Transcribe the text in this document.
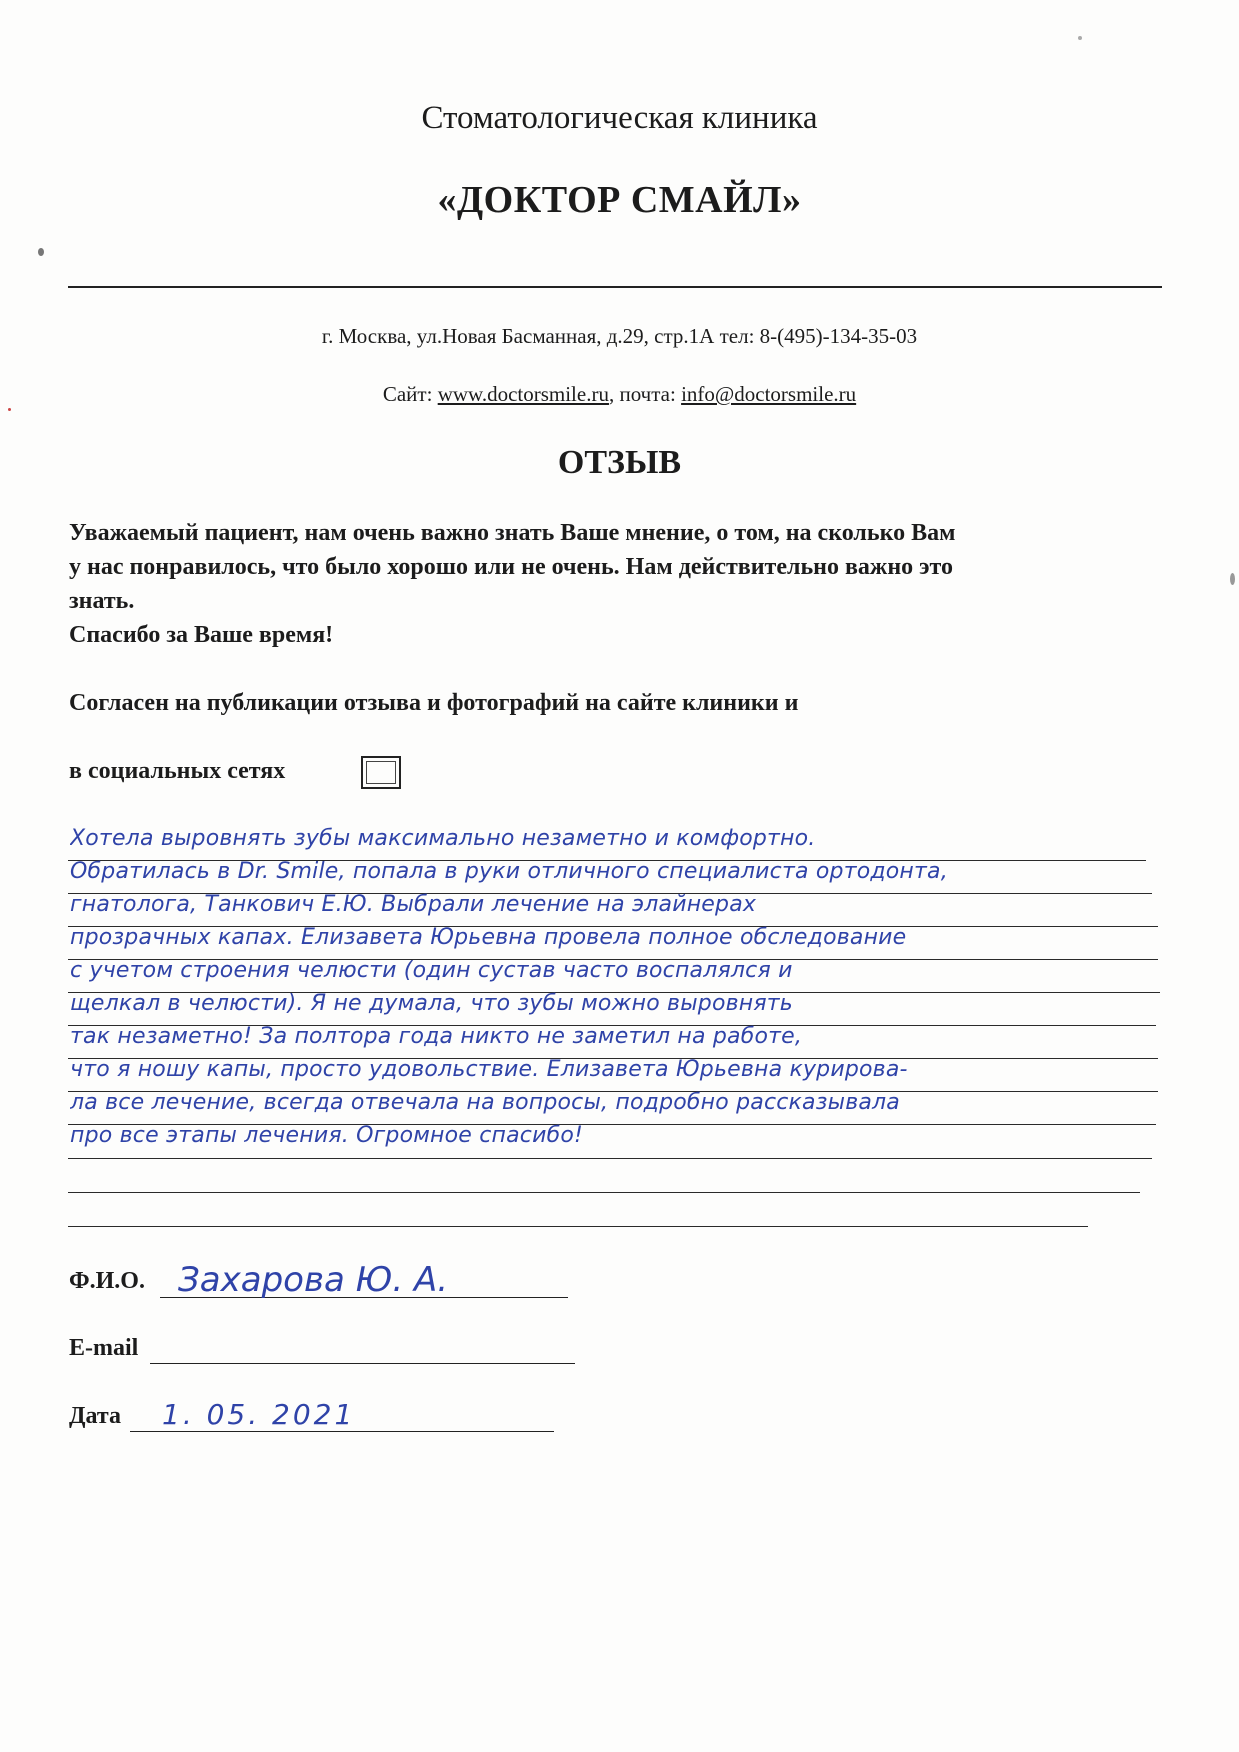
Стоматологическая клиника
«ДОКТОР СМАЙЛ»
г. Москва, ул.Новая Басманная, д.29, стр.1А тел: 8-(495)-134-35-03
Сайт: www.doctorsmile.ru, почта: info@doctorsmile.ru
ОТЗЫВ

Уважаемый пациент, нам очень важно знать Ваше мнение, о том, на сколько Вам

у нас понравилось, что было хорошо или не очень. Нам действительно важно это

знать.

Спасибо за Ваше время!

Согласен на публикации отзыва и фотографий на сайте клиники и
в социальных сетях
Хотела выровнять зубы максимально незаметно и комфортно.
Обратилась в Dr. Smile, попала в руки отличного специалиста ортодонта,
гнатолога, Танкович Е.Ю. Выбрали лечение на элайнерах
прозрачных капах. Елизавета Юрьевна провела полное обследование
с учетом строения челюсти (один сустав часто воспалялся и
щелкал в челюсти). Я не думала, что зубы можно выровнять
так незаметно! За полтора года никто не заметил на работе,
что я ношу капы, просто удовольствие. Елизавета Юрьевна курирова-
ла все лечение, всегда отвечала на вопросы, подробно рассказывала
про все этапы лечения. Огромное спасибо!
Ф.И.О. Захарова Ю. А.
E-mail
Дата 1. 05. 2021
